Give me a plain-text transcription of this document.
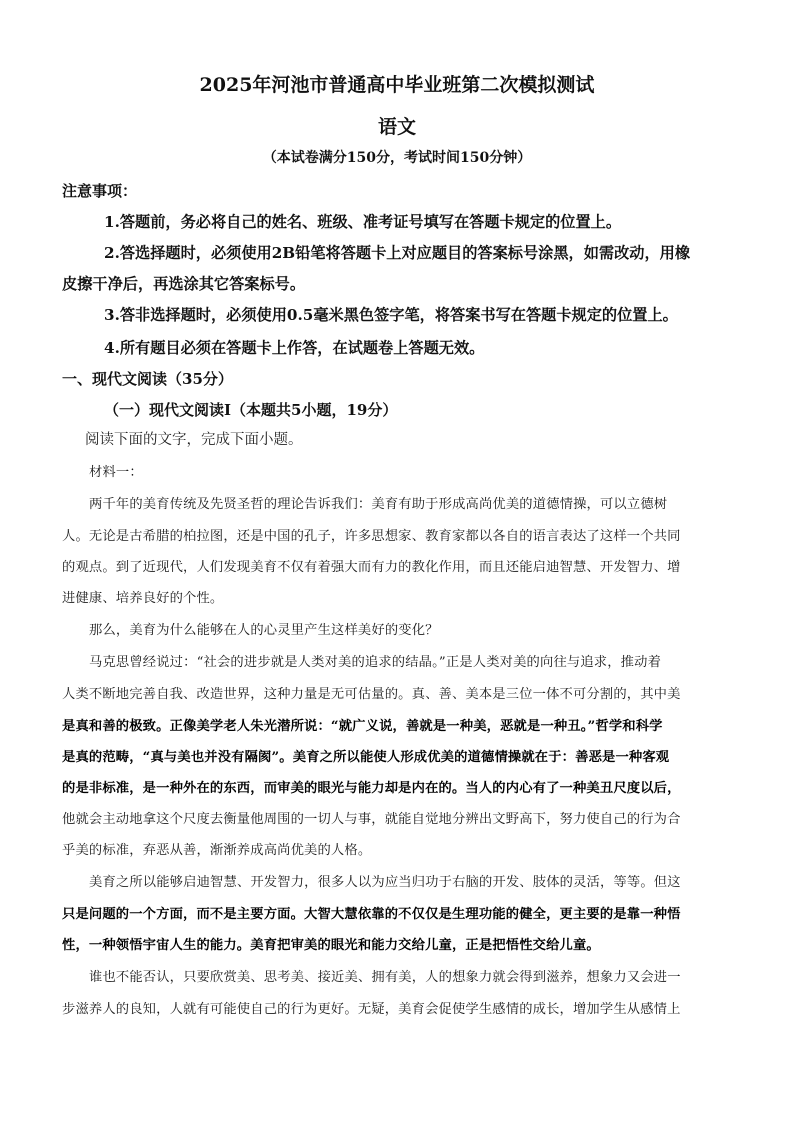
2025年河池市普通高中毕业班第二次模拟测试
语文
（本试卷满分150分，考试时间150分钟）
注意事项：
1.答题前，务必将自己的姓名、班级、准考证号填写在答题卡规定的位置上。
2.答选择题时，必须使用2B铅笔将答题卡上对应题目的答案标号涂黑，如需改动，用橡
皮擦干净后，再选涂其它答案标号。
3.答非选择题时，必须使用0.5毫米黑色签字笔，将答案书写在答题卡规定的位置上。
4.所有题目必须在答题卡上作答，在试题卷上答题无效。
一、现代文阅读（35分）
（一）现代文阅读Ⅰ（本题共5小题，19分）
阅读下面的文字，完成下面小题。
材料一：
两千年的美育传统及先贤圣哲的理论告诉我们：美育有助于形成高尚优美的道德情操，可以立德树
人。无论是古希腊的柏拉图，还是中国的孔子，许多思想家、教育家都以各自的语言表达了这样一个共同
的观点。到了近现代，人们发现美育不仅有着强大而有力的教化作用，而且还能启迪智慧、开发智力、增
进健康、培养良好的个性。
那么，美育为什么能够在人的心灵里产生这样美好的变化？
马克思曾经说过：“社会的进步就是人类对美的追求的结晶。”正是人类对美的向往与追求，推动着
人类不断地完善自我、改造世界，这种力量是无可估量的。真、善、美本是三位一体不可分割的，其中美
是真和善的极致。正像美学老人朱光潜所说：“就广义说，善就是一种美，恶就是一种丑。”哲学和科学
是真的范畴，“真与美也并没有隔阂”。美育之所以能使人形成优美的道德情操就在于：善恶是一种客观
的是非标准，是一种外在的东西，而审美的眼光与能力却是内在的。当人的内心有了一种美丑尺度以后，
他就会主动地拿这个尺度去衡量他周围的一切人与事，就能自觉地分辨出文野高下，努力使自己的行为合
乎美的标准，弃恶从善，渐渐养成高尚优美的人格。
美育之所以能够启迪智慧、开发智力，很多人以为应当归功于右脑的开发、肢体的灵活，等等。但这
只是问题的一个方面，而不是主要方面。大智大慧依靠的不仅仅是生理功能的健全，更主要的是靠一种悟
性，一种领悟宇宙人生的能力。美育把审美的眼光和能力交给儿童，正是把悟性交给儿童。
谁也不能否认，只要欣赏美、思考美、接近美、拥有美，人的想象力就会得到滋养，想象力又会进一
步滋养人的良知，人就有可能使自己的行为更好。无疑，美育会促使学生感情的成长，增加学生从感情上
